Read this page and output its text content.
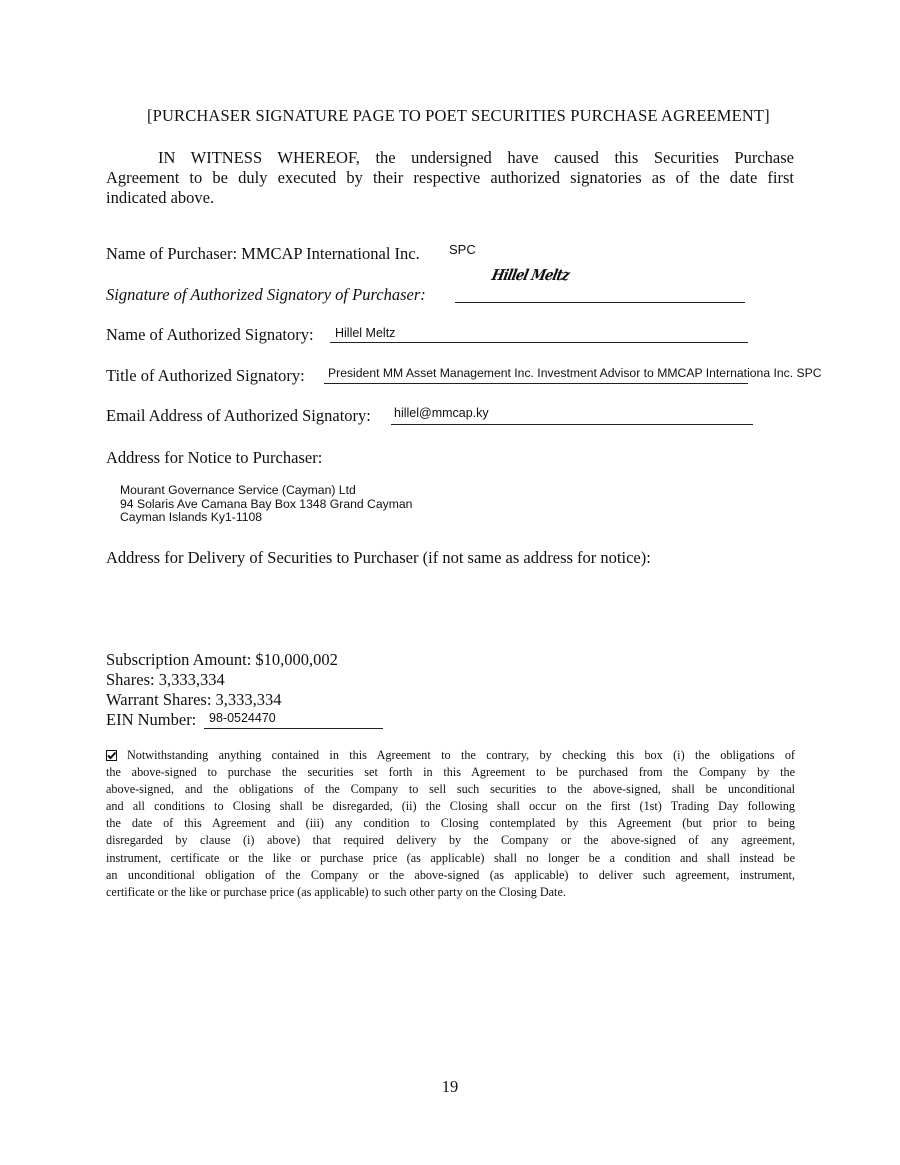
[PURCHASER SIGNATURE PAGE TO POET SECURITIES PURCHASE AGREEMENT]
IN WITNESS WHEREOF, the undersigned have caused this Securities Purchase
Agreement to be duly executed by their respective authorized signatories as of the date first
indicated above.
Name of Purchaser: MMCAP International Inc. SPC
Signature of Authorized Signatory of Purchaser:
Hillel Meltz
Name of Authorized Signatory: Hillel Meltz
Title of Authorized Signatory: President MM Asset Management Inc. Investment Advisor to MMCAP Internationa Inc. SPC
Email Address of Authorized Signatory: hillel@mmcap.ky
Address for Notice to Purchaser:
Mourant Governance Service (Cayman) Ltd
94 Solaris Ave Camana Bay Box 1348 Grand Cayman
Cayman Islands Ky1-1108
Address for Delivery of Securities to Purchaser (if not same as address for notice):
Subscription Amount: $10,000,002
Shares: 3,333,334
Warrant Shares: 3,333,334
EIN Number: 98-0524470
Notwithstanding anything contained in this Agreement to the contrary, by checking this box (i) the obligations of
the above-signed to purchase the securities set forth in this Agreement to be purchased from the Company by the
above-signed, and the obligations of the Company to sell such securities to the above-signed, shall be unconditional
and all conditions to Closing shall be disregarded, (ii) the Closing shall occur on the first (1st) Trading Day following
the date of this Agreement and (iii) any condition to Closing contemplated by this Agreement (but prior to being
disregarded by clause (i) above) that required delivery by the Company or the above-signed of any agreement,
instrument, certificate or the like or purchase price (as applicable) shall no longer be a condition and shall instead be
an unconditional obligation of the Company or the above-signed (as applicable) to deliver such agreement, instrument,
certificate or the like or purchase price (as applicable) to such other party on the Closing Date.
19
